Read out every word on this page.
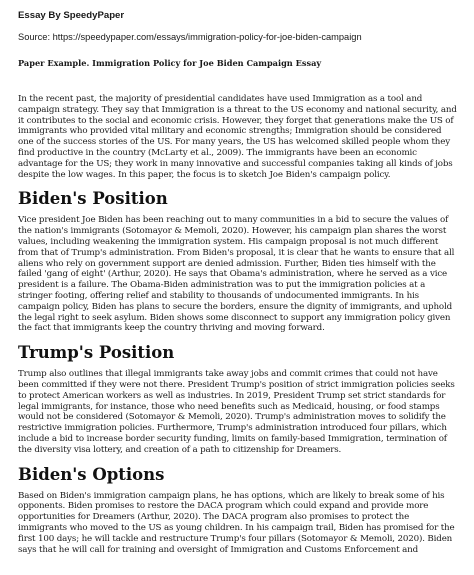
Essay By SpeedyPaper
Source: https://speedypaper.com/essays/immigration-policy-for-joe-biden-campaign
Paper Example. Immigration Policy for Joe Biden Campaign Essay

In the recent past, the majority of presidential candidates have used Immigration as a tool and campaign strategy. They say that Immigration is a threat to the US economy and national security, and it contributes to the social and economic crisis. However, they forget that generations make the US of immigrants who provided vital military and economic strengths; Immigration should be considered one of the success stories of the US. For many years, the US has welcomed skilled people whom they find productive in the country (McLarty et al., 2009). The immigrants have been an economic advantage for the US; they work in many innovative and successful companies taking all kinds of jobs despite the low wages. In this paper, the focus is to sketch Joe Biden's campaign policy.

Biden's Position

Vice president Joe Biden has been reaching out to many communities in a bid to secure the values of the nation's immigrants (Sotomayor & Memoli, 2020). However, his campaign plan shares the worst values, including weakening the immigration system. His campaign proposal is not much different from that of Trump's administration. From Biden's proposal, it is clear that he wants to ensure that all aliens who rely on government support are denied admission. Further, Biden ties himself with the failed 'gang of eight' (Arthur, 2020). He says that Obama's administration, where he served as a vice president is a failure. The Obama-Biden administration was to put the immigration policies at a stringer footing, offering relief and stability to thousands of undocumented immigrants. In his campaign policy, Biden has plans to secure the borders, ensure the dignity of immigrants, and uphold the legal right to seek asylum. Biden shows some disconnect to support any immigration policy given the fact that immigrants keep the country thriving and moving forward.

Trump's Position

Trump also outlines that illegal immigrants take away jobs and commit crimes that could not have been committed if they were not there. President Trump's position of strict immigration policies seeks to protect American workers as well as industries. In 2019, President Trump set strict standards for legal immigrants, for instance, those who need benefits such as Medicaid, housing, or food stamps would not be considered (Sotomayor & Memoli, 2020). Trump's administration moves to solidify the restrictive immigration policies. Furthermore, Trump's administration introduced four pillars, which include a bid to increase border security funding, limits on family-based Immigration, termination of the diversity visa lottery, and creation of a path to citizenship for Dreamers.

Biden's Options

Based on Biden's immigration campaign plans, he has options, which are likely to break some of his opponents. Biden promises to restore the DACA program which could expand and provide more opportunities for Dreamers (Arthur, 2020). The DACA program also promises to protect the immigrants who moved to the US as young children. In his campaign trail, Biden has promised for the first 100 days; he will tackle and restructure Trump's four pillars (Sotomayor & Memoli, 2020). Biden says that he will call for training and oversight of Immigration and Customs Enforcement and
